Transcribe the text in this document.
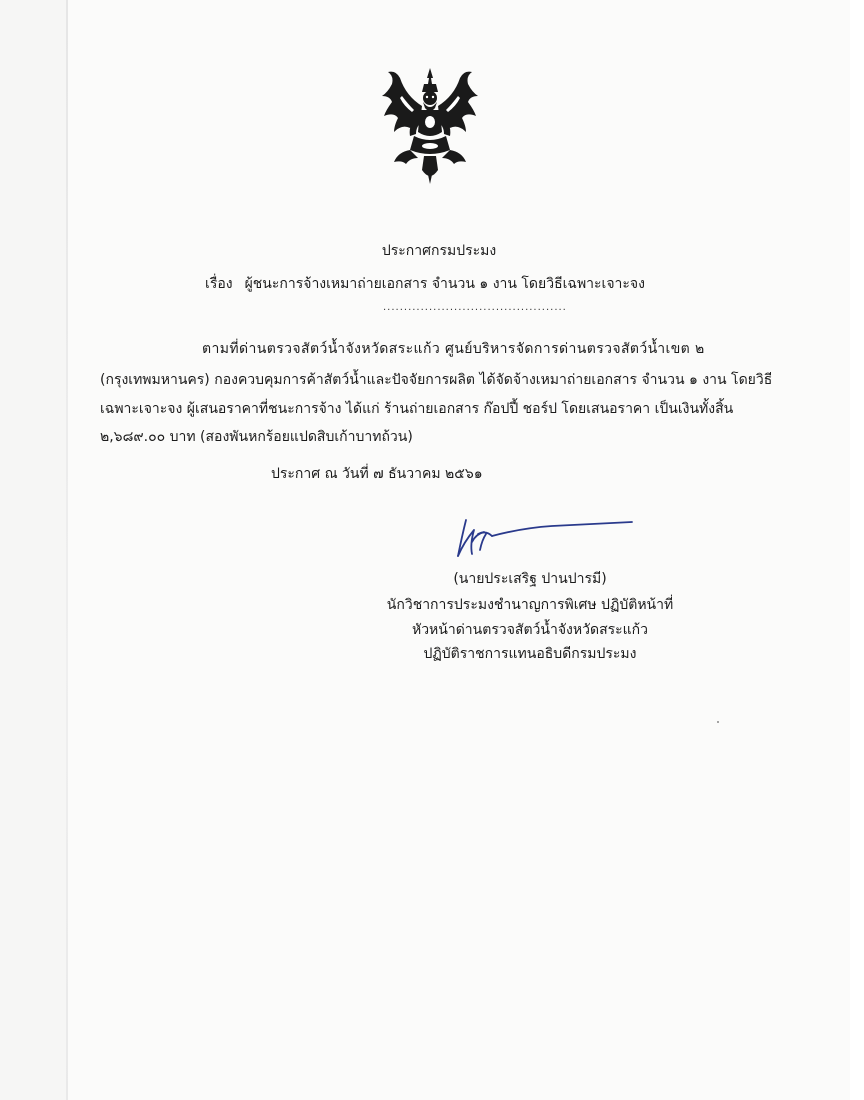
ประกาศกรมประมง
เรื่อง ผู้ชนะการจ้างเหมาถ่ายเอกสาร จำนวน ๑ งาน โดยวิธีเฉพาะเจาะจง
............................................
ตามที่ด่านตรวจสัตว์น้ำจังหวัดสระแก้ว ศูนย์บริหารจัดการด่านตรวจสัตว์น้ำเขต ๒
(กรุงเทพมหานคร) กองควบคุมการค้าสัตว์น้ำและปัจจัยการผลิต ได้จัดจ้างเหมาถ่ายเอกสาร จำนวน ๑ งาน โดยวิธี
เฉพาะเจาะจง ผู้เสนอราคาที่ชนะการจ้าง ได้แก่ ร้านถ่ายเอกสาร ก๊อปปี้ ชอร์ป โดยเสนอราคา เป็นเงินทั้งสิ้น
๒,๖๘๙.๐๐ บาท (สองพันหกร้อยแปดสิบเก้าบาทถ้วน)
ประกาศ ณ วันที่ ๗ ธันวาคม ๒๕๖๑
(นายประเสริฐ ปานปารมี)
นักวิชาการประมงชำนาญการพิเศษ ปฏิบัติหน้าที่
หัวหน้าด่านตรวจสัตว์น้ำจังหวัดสระแก้ว
ปฏิบัติราชการแทนอธิบดีกรมประมง
